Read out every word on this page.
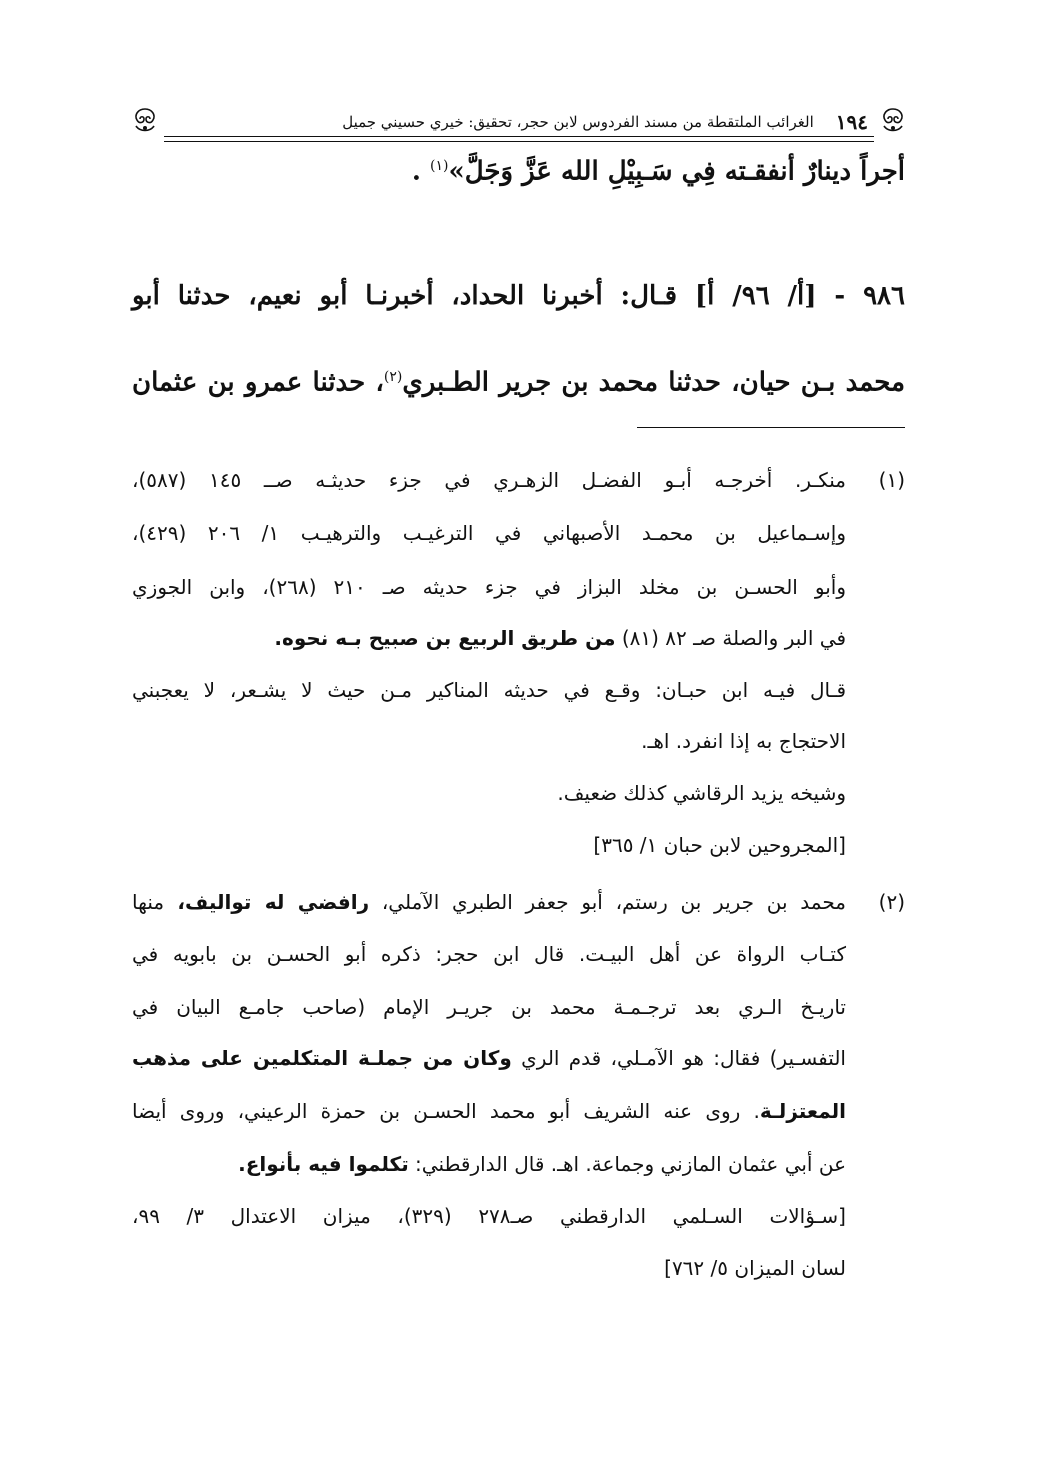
١٩٤
الغرائب الملتقطة من مسند الفردوس لابن حجر، تحقيق: خيري حسيني جميل
أجراً دينارٌ أنفقـته فِي سَـبِيْلِ الله عَزَّ وَجَلَّ»$^{(١)}$ .
٩٨٦ - [أ/ ٩٦/ أ] قـال: أخبرنا الحداد، أخبرنـا أبو نعيم، حدثنا أبو
محمد بـن حيان، حدثنا محمد بن جرير الطـبري$^{(٢)}$، حدثنا عمرو بن عثمان
(١)
منكـر. أخرجـه أبـو الفضـل الزهـري في جزء حديثـه صــ ١٤٥ (٥٨٧)،
وإسـماعيل بن محمـد الأصبهاني في الترغيـب والترهيـب ١/ ٢٠٦ (٤٢٩)،
وأبو الحسـن بن مخلد البزاز في جزء حديثه صـ ٢١٠ (٢٦٨)، وابن الجوزي
في البر والصلة صـ ٨٢ (٨١) من طريق الربيع بن صبيح بـه نحوه.
قـال فيـه ابن حبـان: وقـع في حديثه المناكير مـن حيث لا يشـعر، لا يعجبني
الاحتجاج به إذا انفرد. اهـ.
وشيخه يزيد الرقاشي كذلك ضعيف.
[المجروحين لابن حبان ١/ ٣٦٥]
(٢)
محمد بن جرير بن رستم، أبو جعفر الطبري الآملي، رافضي له تواليف، منها
كتـاب الرواة عن أهل البيـت. قال ابن حجر: ذكره أبو الحسـن بن بابويه في
تاريـخ الـري بعد ترجـمـة محمد بن جريـر الإمام (صاحب جامـع البيان في
التفسـير) فقال: هو الآمـلي، قدم الري وكان من جملـة المتكلمين على مذهب
المعتزلـة. روى عنه الشريف أبو محمد الحسـن بن حمزة الرعيني، وروى أيضا
عن أبي عثمان المازني وجماعة. اهـ. قال الدارقطني: تكلموا فيه بأنواع.
[سـؤالات السـلمي الدارقطني صـ٢٧٨ (٣٢٩)، ميزان الاعتدال ٣/ ٩٩،
لسان الميزان ٥/ ٧٦٢]
